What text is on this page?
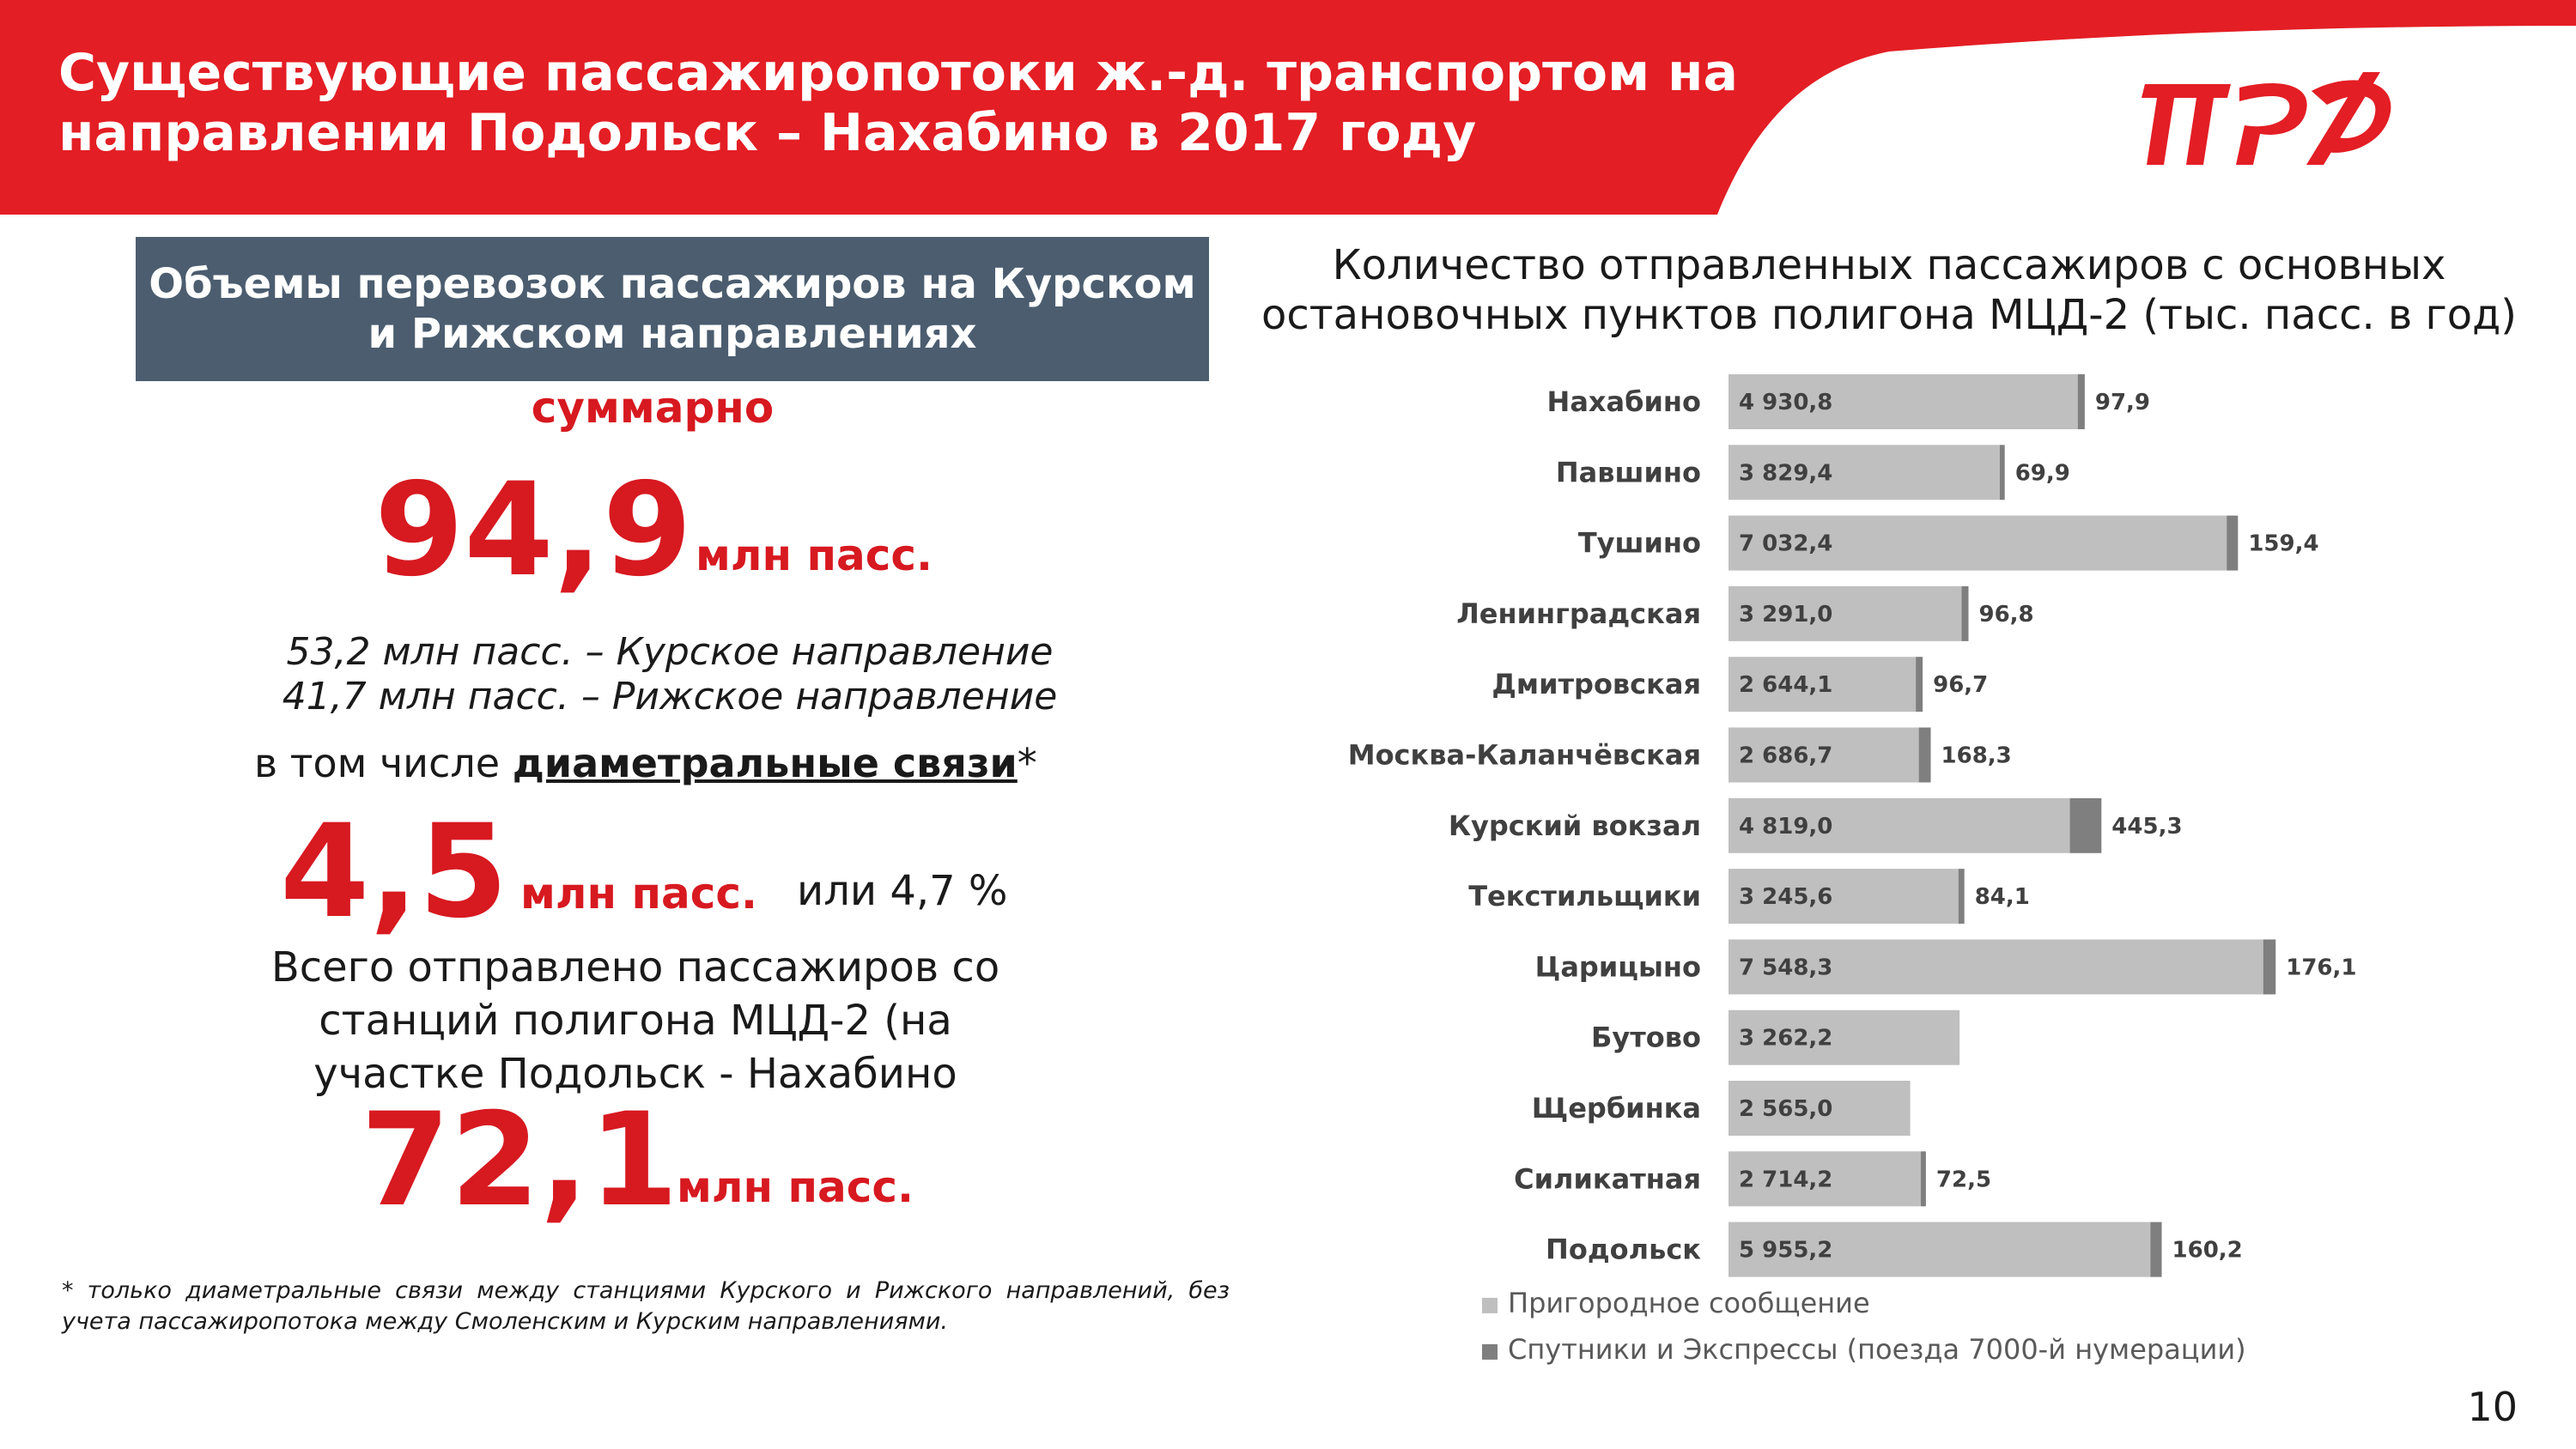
Существующие пассажиропотоки ж.-д. транспортом на направлении Подольск – Нахабино в 2017 году
РЖД
Объемы перевозок пассажиров на Курском и Рижском направлениях
суммарно
94,9 млн пасс.
53,2 млн пасс. – Курское направление
41,7 млн пасс. – Рижское направление
в том числе диаметральные связи*
4,5 млн пасс. или 4,7 %
Всего отправлено пассажиров со станций полигона МЦД-2 (на участке Подольск - Нахабино
72,1
млн пасс.
* только диаметральные связи между станциями Курского и Рижского направлений, без учета пассажиропотока между Смоленским и Курским направлениями.
Количество отправленных пассажиров с основных остановочных пунктов полигона МЦД-2 (тыс. пасс. в год)
Нахабино 4 930,8	97,9
Павшино 3 829,4	69,9
Тушино 7 032,4	159,4
Ленинградская 3 291,0	96,8
Дмитровская 2 644,1	96,7
Москва-Каланчёвская 2 686,7	168,3
Курский вокзал 4 819,0	445,3
Текстильщики 3 245,6	84,1
Царицыно 7 548,3	176,1
Бутово 3 262,2
Щербинка 2 565,0
Силикатная 2 714,2	72,5
Подольск 5 955,2	160,2
Пригородное сообщение
Спутники и Экспрессы (поезда 7000-й нумерации)
10
